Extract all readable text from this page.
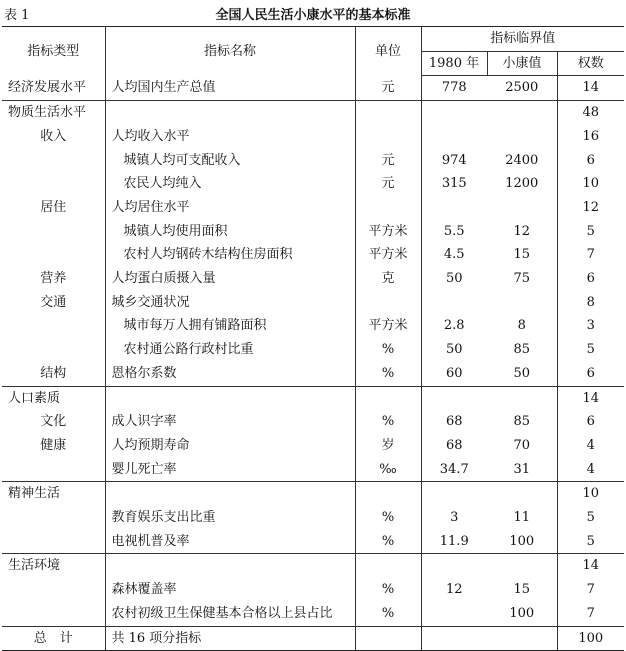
表 1	全国人民生活小康水平的基本标准
指标类型	指标名称	单位	指标临界值		
			1980 年	小康值	权数
经济发展水平	人均国内生产总值	元	778	2500	14
物质生活水平					48
收入	人均收入水平				16
	城镇人均可支配收入	元	974	2400	6
	农民人均纯入	元	315	1200	10
居住	人均居住水平				12
	城镇人均使用面积	平方米	5.5	12	5
	农村人均钢砖木结构住房面积	平方米	4.5	15	7
营养	人均蛋白质摄入量	克	50	75	6
交通	城乡交通状况				8
	城市每万人拥有铺路面积	平方米	2.8	8	3
	农村通公路行政村比重	%	50	85	5
结构	恩格尔系数	%	60	50	6
人口素质					14
文化	成人识字率	%	68	85	6
健康	人均预期寿命	岁	68	70	4
	婴儿死亡率	‰	34.7	31	4
精神生活					10
	教育娱乐支出比重	%	3	11	5
	电视机普及率	%	11.9	100	5
生活环境					14
	森林覆盖率	%	12	15	7
	农村初级卫生保健基本合格以上县占比	%		100	7
总　计	共 16 项分指标				100
